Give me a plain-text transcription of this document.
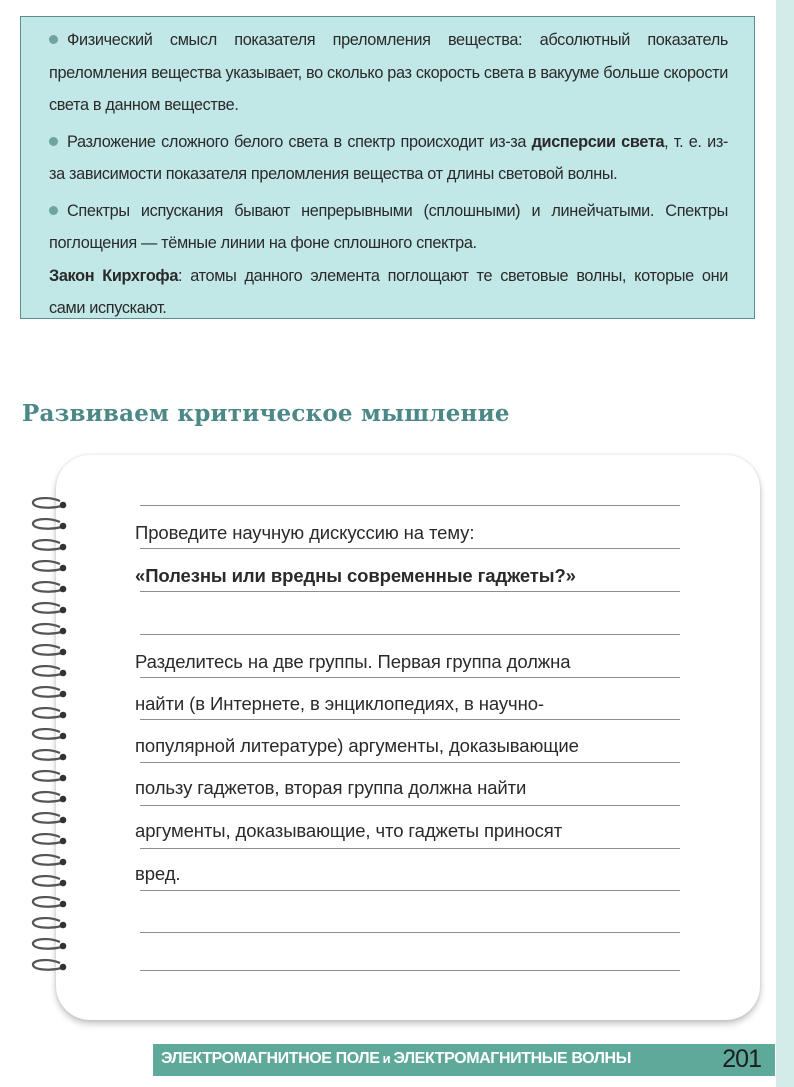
Физический смысл показателя преломления вещества: абсолютный показатель преломления вещества указывает, во сколько раз скорость света в вакууме больше скорости света в данном веществе.

Разложение сложного белого света в спектр происходит из-за дисперсии света, т. е. из-за зависимости показателя преломления вещества от длины световой волны.

Спектры испускания бывают непрерывными (сплошными) и линейчатыми. Спектры поглощения — тёмные линии на фоне сплошного спектра.

Закон Кирхгофа: атомы данного элемента поглощают те световые волны, которые они сами испускают.

Развиваем критическое мышление
Проведите научную дискуссию на тему:
«Полезны или вредны современные гаджеты?»
Разделитесь на две группы. Первая группа должна
найти (в Интернете, в энциклопедиях, в научно-
популярной литературе) аргументы, доказывающие
пользу гаджетов, вторая группа должна найти
аргументы, доказывающие, что гаджеты приносят
вред.
ЭЛЕКТРОМАГНИТНОЕ ПОЛЕ и ЭЛЕКТРОМАГНИТНЫЕ ВОЛНЫ	201
